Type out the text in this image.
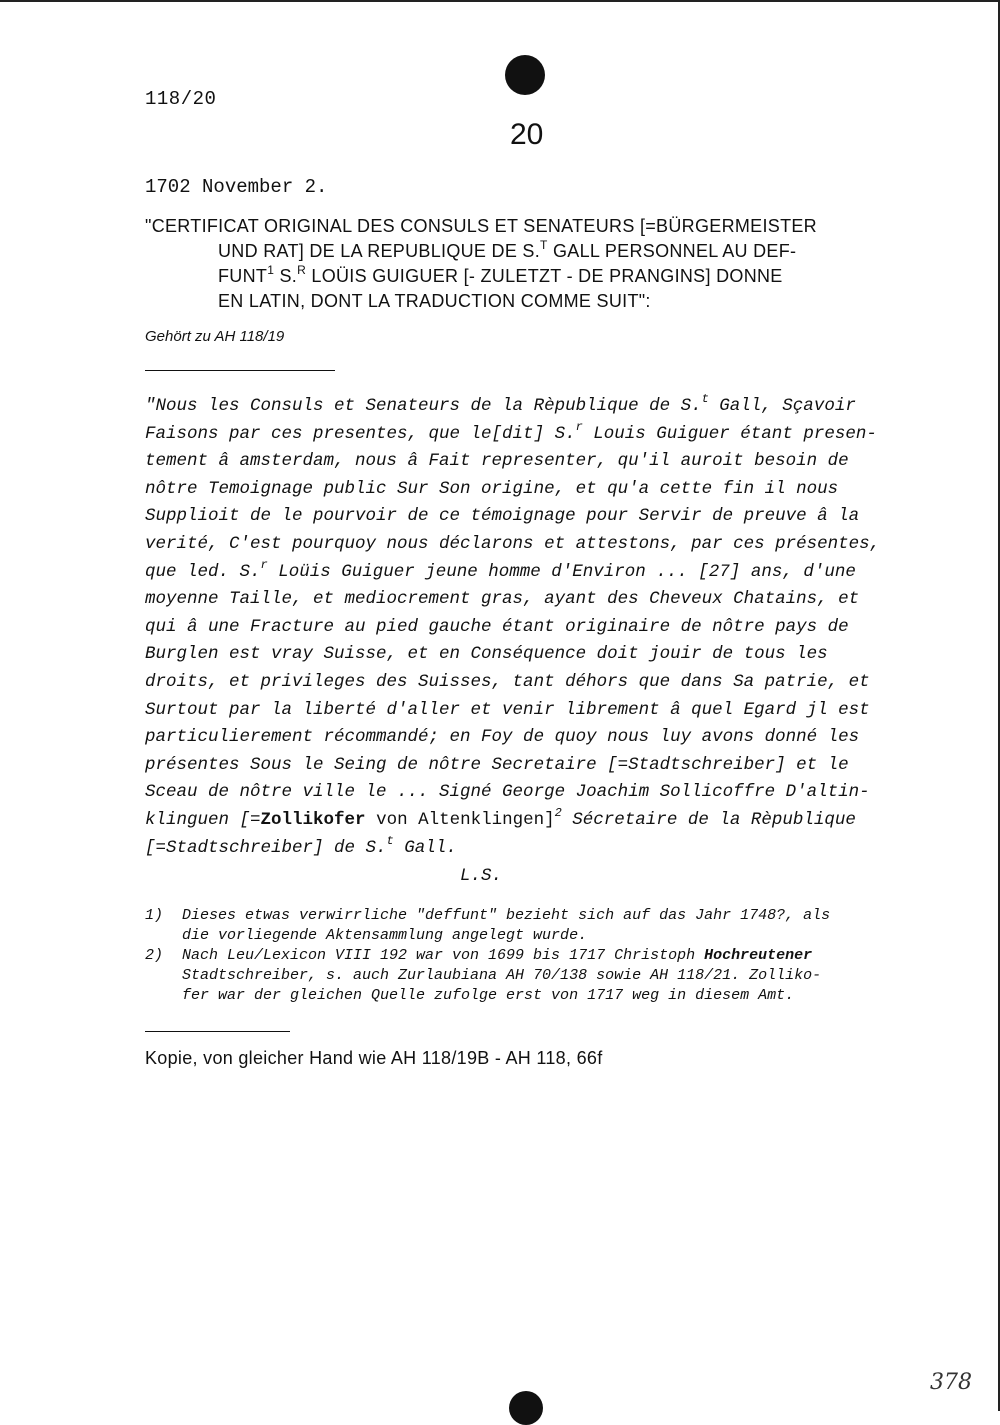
118/20
20
1702 November 2.
"CERTIFICAT ORIGINAL DES CONSULS ET SENATEURS [=BÜRGERMEISTER
UND RAT] DE LA REPUBLIQUE DE S.$^T$ GALL PERSONNEL AU DEF-
FUNT$^1$ S.$^R$ LOÜIS GUIGUER [- ZULETZT - DE PRANGINS] DONNE
EN LATIN, DONT LA TRADUCTION COMME SUIT":
Gehört zu AH 118/19
"Nous les Consuls et Senateurs de la Rèpublique de S.$^t$ Gall, Sçavoir
Faisons par ces presentes, que le[dit] S.$^r$ Louis Guiguer étant presen-
tement â amsterdam, nous â Fait representer, qu'il auroit besoin de
nôtre Temoignage public Sur Son origine, et qu'a cette fin il nous
Supplioit de le pourvoir de ce témoignage pour Servir de preuve â la
verité, C'est pourquoy nous déclarons et attestons, par ces présentes,
que led. S.$^r$ Loüis Guiguer jeune homme d'Environ ... [27] ans, d'une
moyenne Taille, et mediocrement gras, ayant des Cheveux Chatains, et
qui â une Fracture au pied gauche étant originaire de nôtre pays de
Burglen est vray Suisse, et en Conséquence doit jouir de tous les
droits, et privileges des Suisses, tant déhors que dans Sa patrie, et
Surtout par la liberté d'aller et venir librement â quel Egard jl est
particulierement récommandé; en Foy de quoy nous luy avons donné les
présentes Sous le Seing de nôtre Secretaire [=Stadtschreiber] et le
Sceau de nôtre ville le ... Signé George Joachim Sollicoffre D'altin-
klinguen [=Zollikofer von Altenklingen]$^2$ Sécretaire de la Rèpublique
[=Stadtschreiber] de S.$^t$ Gall.
L.S.
1) Dieses etwas verwirrliche "deffunt" bezieht sich auf das Jahr 1748?, als
die vorliegende Aktensammlung angelegt wurde.
2) Nach Leu/Lexicon VIII 192 war von 1699 bis 1717 Christoph Hochreutener
Stadtschreiber, s. auch Zurlaubiana AH 70/138 sowie AH 118/21. Zolliko-
fer war der gleichen Quelle zufolge erst von 1717 weg in diesem Amt.
Kopie, von gleicher Hand wie AH 118/19B - AH 118, 66f
378
